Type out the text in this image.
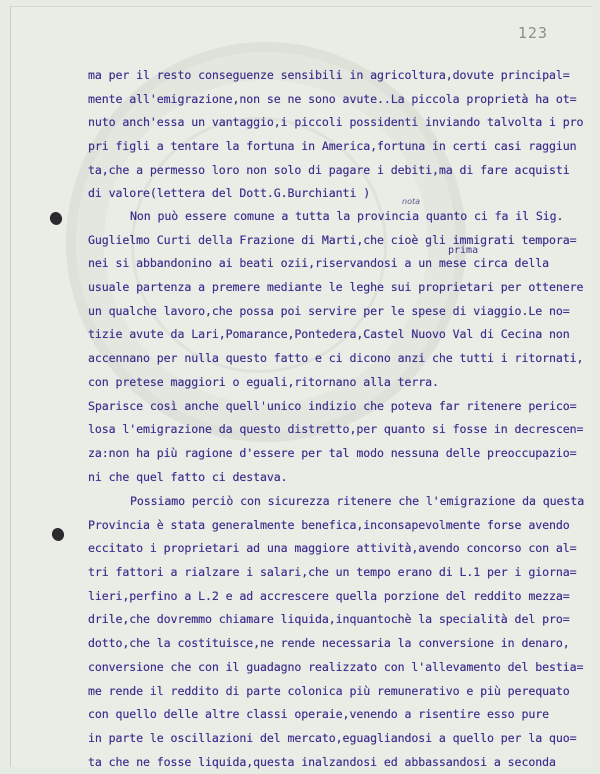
123
nota
prima
ma per il resto conseguenze sensibili in agricoltura,dovute principal=
mente all'emigrazione,non se ne sono avute..La piccola proprietà ha ot=
nuto anch'essa un vantaggio,i piccoli possidenti inviando talvolta i pro
pri figli a tentare la fortuna in America,fortuna in certi casi raggiun
ta,che a permesso loro non solo di pagare i debiti,ma di fare acquisti
di valore(lettera del Dott.G.Burchianti )
Non può essere comune a tutta la provincia quanto ci fa il Sig.
Guglielmo Curti della Frazione di Marti,che cioè gli immigrati tempora=
nei si abbandonino ai beati ozii,riservandosi a un mese circa della
usuale partenza a premere mediante le leghe sui proprietari per ottenere
un qualche lavoro,che possa poi servire per le spese di viaggio.Le no=
tizie avute da Lari,Pomarance,Pontedera,Castel Nuovo Val di Cecina non
accennano per nulla questo fatto e ci dicono anzi che tutti i ritornati,
con pretese maggiori o eguali,ritornano alla terra.
Sparisce così anche quell'unico indizio che poteva far ritenere perico=
losa l'emigrazione da questo distretto,per quanto si fosse in decrescen=
za:non ha più ragione d'essere per tal modo nessuna delle preoccupazio=
ni che quel fatto ci destava.
Possiamo perciò con sicurezza ritenere che l'emigrazione da questa
Provincia è stata generalmente benefica,inconsapevolmente forse avendo
eccitato i proprietari ad una maggiore attività,avendo concorso con al=
tri fattori a rialzare i salari,che un tempo erano di L.1 per i giorna=
lieri,perfino a L.2 e ad accrescere quella porzione del reddito mezza=
drile,che dovremmo chiamare liquida,inquantochè la specialità del pro=
dotto,che la costituisce,ne rende necessaria la conversione in denaro,
conversione che con il guadagno realizzato con l'allevamento del bestia=
me rende il reddito di parte colonica più remunerativo e più perequato
con quello delle altre classi operaie,venendo a risentire esso pure
in parte le oscillazioni del mercato,eguagliandosi a quello per la quo=
ta che ne fosse liquida,questa inalzandosi ed abbassandosi a seconda
